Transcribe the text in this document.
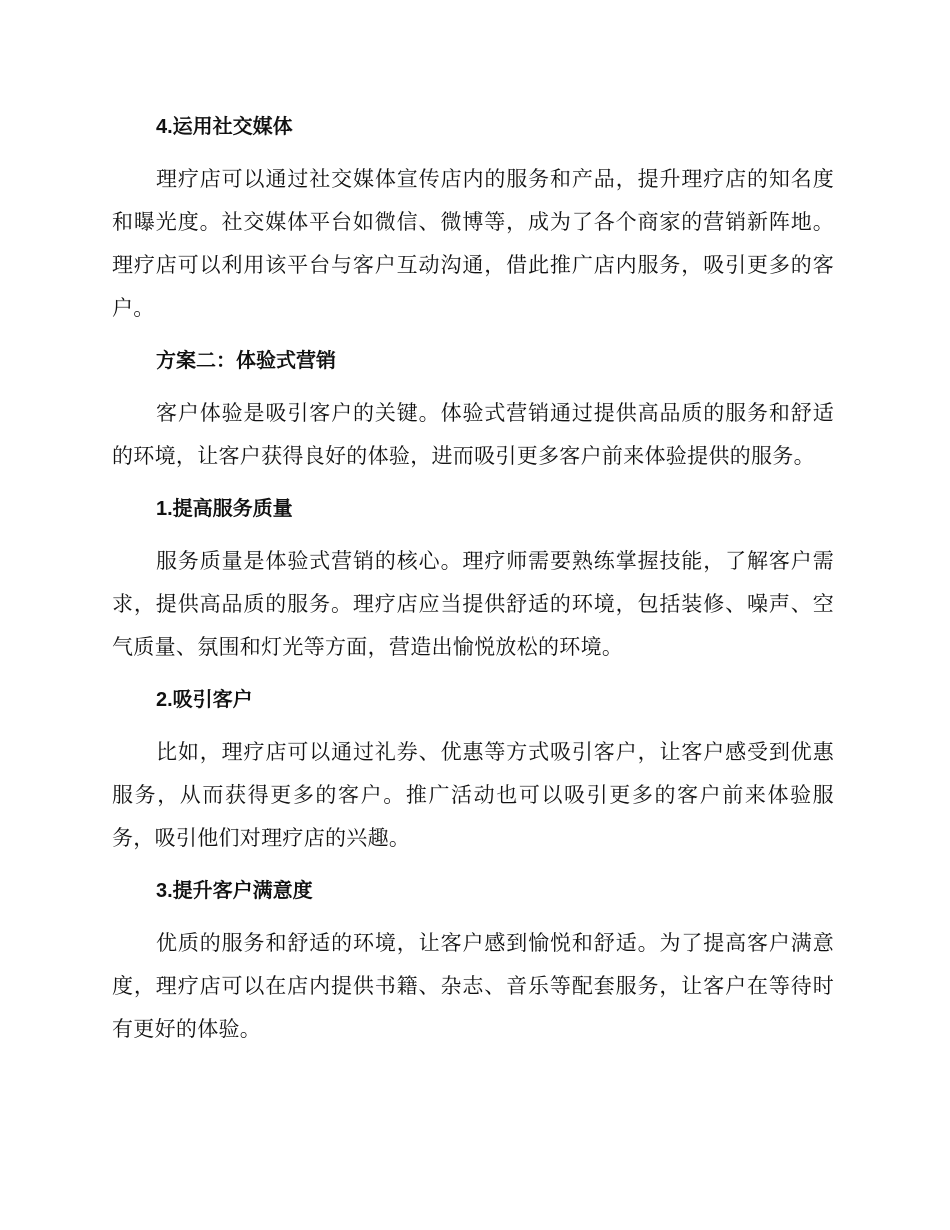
4.运用社交媒体

理疗店可以通过社交媒体宣传店内的服务和产品，提升理疗店的知名度和曝光度。社交媒体平台如微信、微博等，成为了各个商家的营销新阵地。理疗店可以利用该平台与客户互动沟通，借此推广店内服务，吸引更多的客户。

方案二：体验式营销

客户体验是吸引客户的关键。体验式营销通过提供高品质的服务和舒适的环境，让客户获得良好的体验，进而吸引更多客户前来体验提供的服务。

1.提高服务质量

服务质量是体验式营销的核心。理疗师需要熟练掌握技能，了解客户需求，提供高品质的服务。理疗店应当提供舒适的环境，包括装修、噪声、空气质量、氛围和灯光等方面，营造出愉悦放松的环境。

2.吸引客户

比如，理疗店可以通过礼券、优惠等方式吸引客户，让客户感受到优惠服务，从而获得更多的客户。推广活动也可以吸引更多的客户前来体验服务，吸引他们对理疗店的兴趣。

3.提升客户满意度

优质的服务和舒适的环境，让客户感到愉悦和舒适。为了提高客户满意度，理疗店可以在店内提供书籍、杂志、音乐等配套服务，让客户在等待时有更好的体验。
